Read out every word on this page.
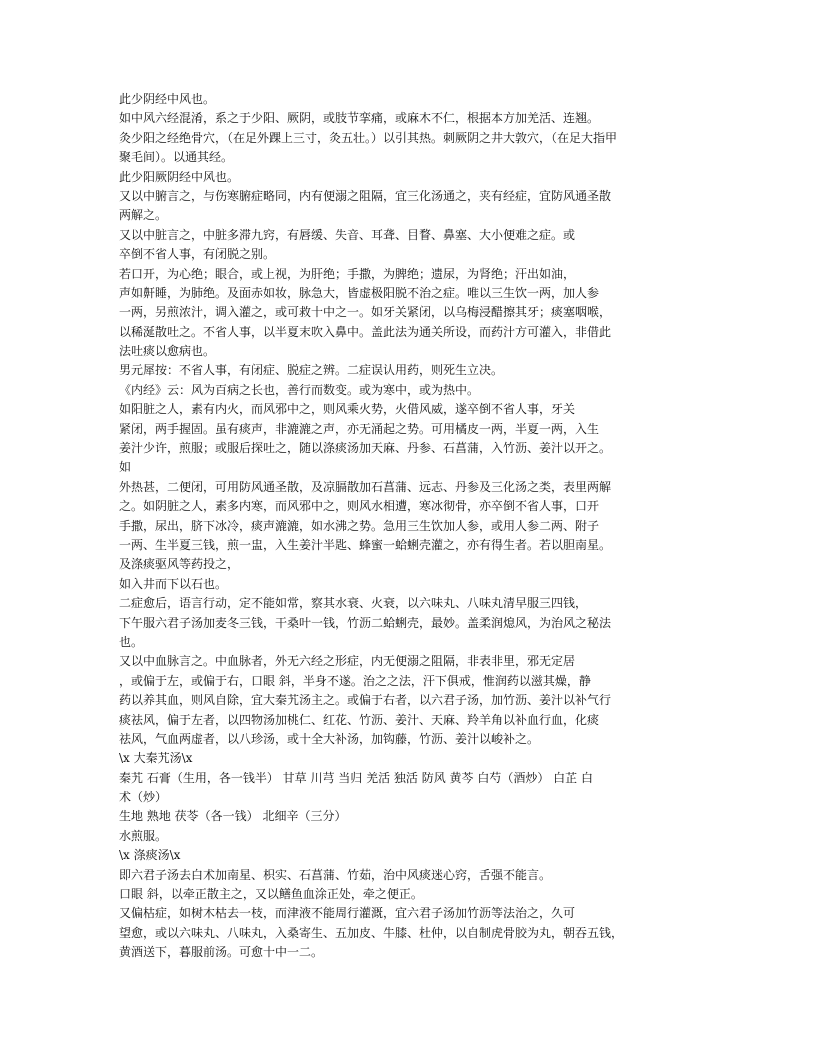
此少阴经中风也。
如中风六经混淆，系之于少阳、厥阴，或肢节挛痛，或麻木不仁，根据本方加羌活、连翘。
灸少阳之经绝骨穴，（在足外踝上三寸，灸五壮。）以引其热。刺厥阴之井大敦穴，（在足大指甲
聚毛间）。以通其经。
此少阳厥阴经中风也。
又以中腑言之，与伤寒腑症略同，内有便溺之阻隔，宜三化汤通之，夹有经症，宜防风通圣散
两解之。
又以中脏言之，中脏多滞九窍，有唇缓、失音、耳聋、目瞀、鼻塞、大小便难之症。或
卒倒不省人事，有闭脱之别。
若口开，为心绝；眼合，或上视，为肝绝；手撒，为脾绝；遗尿，为肾绝；汗出如油，
声如鼾睡，为肺绝。及面赤如妆，脉急大，皆虚极阳脱不治之症。唯以三生饮一两，加人参
一两，另煎浓汁，调入灌之，或可救十中之一。如牙关紧闭，以乌梅浸醋擦其牙；痰塞咽喉，
以稀涎散吐之。不省人事，以半夏末吹入鼻中。盖此法为通关所设，而药汁方可灌入，非借此
法吐痰以愈病也。
男元犀按：不省人事，有闭症、脱症之辨。二症误认用药，则死生立决。
《内经》云：风为百病之长也，善行而数变。或为寒中，或为热中。
如阳脏之人，素有内火，而风邪中之，则风乘火势，火借风威，遂卒倒不省人事，牙关
紧闭，两手握固。虽有痰声，非漉漉之声，亦无涌起之势。可用橘皮一两，半夏一两，入生
姜汁少许，煎服；或服后探吐之，随以涤痰汤加天麻、丹参、石菖蒲，入竹沥、姜汁以开之。
如
外热甚，二便闭，可用防风通圣散，及凉膈散加石菖蒲、远志、丹参及三化汤之类，表里两解
之。如阴脏之人，素多内寒，而风邪中之，则风水相遭，寒冰彻骨，亦卒倒不省人事，口开
手撒，尿出，脐下冰冷，痰声漉漉，如水沸之势。急用三生饮加人参，或用人参二两、附子
一两、生半夏三钱，煎一盅，入生姜汁半匙、蜂蜜一蛤蜊壳灌之，亦有得生者。若以胆南星。
及涤痰驱风等药投之，
如入井而下以石也。
二症愈后，语言行动，定不能如常，察其水衰、火衰，以六味丸、八味丸清早服三四钱，
下午服六君子汤加麦冬三钱，干桑叶一钱，竹沥二蛤蜊壳，最妙。盖柔润熄风，为治风之秘法
也。
又以中血脉言之。中血脉者，外无六经之形症，内无便溺之阻隔，非表非里，邪无定居
，或偏于左，或偏于右，口眼 斜，半身不遂。治之之法，汗下俱戒，惟润药以滋其燥，静
药以养其血，则风自除，宜大秦艽汤主之。或偏于右者，以六君子汤，加竹沥、姜汁以补气行
痰祛风，偏于左者，以四物汤加桃仁、红花、竹沥、姜汁、天麻、羚羊角以补血行血，化痰
祛风，气血两虚者，以八珍汤，或十全大补汤，加钩藤，竹沥、姜汁以峻补之。
\x 大秦艽汤\x
秦艽 石膏（生用，各一钱半） 甘草 川芎 当归 羌活 独活 防风 黄芩 白芍（酒炒） 白芷 白
术（炒）
生地 熟地 茯苓（各一钱） 北细辛（三分）
水煎服。
\x 涤痰汤\x
即六君子汤去白术加南星、枳实、石菖蒲、竹茹，治中风痰迷心窍，舌强不能言。
口眼 斜，以牵正散主之，又以鳝鱼血涂正处，牵之便正。
又偏枯症，如树木枯去一枝，而津液不能周行灌溉，宜六君子汤加竹沥等法治之，久可
望愈，或以六味丸、八味丸，入桑寄生、五加皮、牛膝、杜仲，以自制虎骨胶为丸，朝吞五钱，
黄酒送下，暮服前汤。可愈十中一二。
